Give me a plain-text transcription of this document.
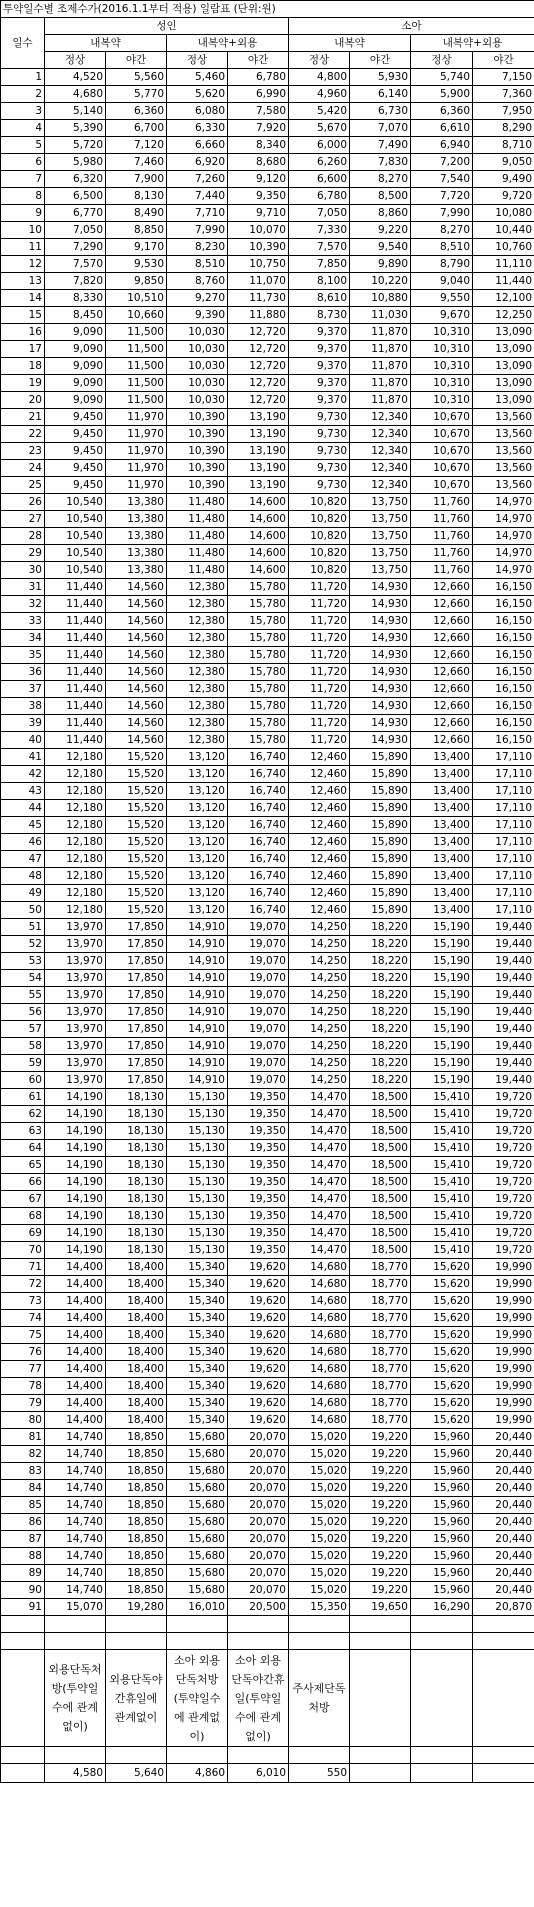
투약일수별 조제수가(2016.1.1부터 적용) 일람표 (단위:원)								
일수	성인				소아			
	내복약		내복약+외용		내복약		내복약+외용	
	정상	야간	정상	야간	정상	야간	정상	야간
1	4,520	5,560	5,460	6,780	4,800	5,930	5,740	7,150
2	4,680	5,770	5,620	6,990	4,960	6,140	5,900	7,360
3	5,140	6,360	6,080	7,580	5,420	6,730	6,360	7,950
4	5,390	6,700	6,330	7,920	5,670	7,070	6,610	8,290
5	5,720	7,120	6,660	8,340	6,000	7,490	6,940	8,710
6	5,980	7,460	6,920	8,680	6,260	7,830	7,200	9,050
7	6,320	7,900	7,260	9,120	6,600	8,270	7,540	9,490
8	6,500	8,130	7,440	9,350	6,780	8,500	7,720	9,720
9	6,770	8,490	7,710	9,710	7,050	8,860	7,990	10,080
10	7,050	8,850	7,990	10,070	7,330	9,220	8,270	10,440
11	7,290	9,170	8,230	10,390	7,570	9,540	8,510	10,760
12	7,570	9,530	8,510	10,750	7,850	9,890	8,790	11,110
13	7,820	9,850	8,760	11,070	8,100	10,220	9,040	11,440
14	8,330	10,510	9,270	11,730	8,610	10,880	9,550	12,100
15	8,450	10,660	9,390	11,880	8,730	11,030	9,670	12,250
16	9,090	11,500	10,030	12,720	9,370	11,870	10,310	13,090
17	9,090	11,500	10,030	12,720	9,370	11,870	10,310	13,090
18	9,090	11,500	10,030	12,720	9,370	11,870	10,310	13,090
19	9,090	11,500	10,030	12,720	9,370	11,870	10,310	13,090
20	9,090	11,500	10,030	12,720	9,370	11,870	10,310	13,090
21	9,450	11,970	10,390	13,190	9,730	12,340	10,670	13,560
22	9,450	11,970	10,390	13,190	9,730	12,340	10,670	13,560
23	9,450	11,970	10,390	13,190	9,730	12,340	10,670	13,560
24	9,450	11,970	10,390	13,190	9,730	12,340	10,670	13,560
25	9,450	11,970	10,390	13,190	9,730	12,340	10,670	13,560
26	10,540	13,380	11,480	14,600	10,820	13,750	11,760	14,970
27	10,540	13,380	11,480	14,600	10,820	13,750	11,760	14,970
28	10,540	13,380	11,480	14,600	10,820	13,750	11,760	14,970
29	10,540	13,380	11,480	14,600	10,820	13,750	11,760	14,970
30	10,540	13,380	11,480	14,600	10,820	13,750	11,760	14,970
31	11,440	14,560	12,380	15,780	11,720	14,930	12,660	16,150
32	11,440	14,560	12,380	15,780	11,720	14,930	12,660	16,150
33	11,440	14,560	12,380	15,780	11,720	14,930	12,660	16,150
34	11,440	14,560	12,380	15,780	11,720	14,930	12,660	16,150
35	11,440	14,560	12,380	15,780	11,720	14,930	12,660	16,150
36	11,440	14,560	12,380	15,780	11,720	14,930	12,660	16,150
37	11,440	14,560	12,380	15,780	11,720	14,930	12,660	16,150
38	11,440	14,560	12,380	15,780	11,720	14,930	12,660	16,150
39	11,440	14,560	12,380	15,780	11,720	14,930	12,660	16,150
40	11,440	14,560	12,380	15,780	11,720	14,930	12,660	16,150
41	12,180	15,520	13,120	16,740	12,460	15,890	13,400	17,110
42	12,180	15,520	13,120	16,740	12,460	15,890	13,400	17,110
43	12,180	15,520	13,120	16,740	12,460	15,890	13,400	17,110
44	12,180	15,520	13,120	16,740	12,460	15,890	13,400	17,110
45	12,180	15,520	13,120	16,740	12,460	15,890	13,400	17,110
46	12,180	15,520	13,120	16,740	12,460	15,890	13,400	17,110
47	12,180	15,520	13,120	16,740	12,460	15,890	13,400	17,110
48	12,180	15,520	13,120	16,740	12,460	15,890	13,400	17,110
49	12,180	15,520	13,120	16,740	12,460	15,890	13,400	17,110
50	12,180	15,520	13,120	16,740	12,460	15,890	13,400	17,110
51	13,970	17,850	14,910	19,070	14,250	18,220	15,190	19,440
52	13,970	17,850	14,910	19,070	14,250	18,220	15,190	19,440
53	13,970	17,850	14,910	19,070	14,250	18,220	15,190	19,440
54	13,970	17,850	14,910	19,070	14,250	18,220	15,190	19,440
55	13,970	17,850	14,910	19,070	14,250	18,220	15,190	19,440
56	13,970	17,850	14,910	19,070	14,250	18,220	15,190	19,440
57	13,970	17,850	14,910	19,070	14,250	18,220	15,190	19,440
58	13,970	17,850	14,910	19,070	14,250	18,220	15,190	19,440
59	13,970	17,850	14,910	19,070	14,250	18,220	15,190	19,440
60	13,970	17,850	14,910	19,070	14,250	18,220	15,190	19,440
61	14,190	18,130	15,130	19,350	14,470	18,500	15,410	19,720
62	14,190	18,130	15,130	19,350	14,470	18,500	15,410	19,720
63	14,190	18,130	15,130	19,350	14,470	18,500	15,410	19,720
64	14,190	18,130	15,130	19,350	14,470	18,500	15,410	19,720
65	14,190	18,130	15,130	19,350	14,470	18,500	15,410	19,720
66	14,190	18,130	15,130	19,350	14,470	18,500	15,410	19,720
67	14,190	18,130	15,130	19,350	14,470	18,500	15,410	19,720
68	14,190	18,130	15,130	19,350	14,470	18,500	15,410	19,720
69	14,190	18,130	15,130	19,350	14,470	18,500	15,410	19,720
70	14,190	18,130	15,130	19,350	14,470	18,500	15,410	19,720
71	14,400	18,400	15,340	19,620	14,680	18,770	15,620	19,990
72	14,400	18,400	15,340	19,620	14,680	18,770	15,620	19,990
73	14,400	18,400	15,340	19,620	14,680	18,770	15,620	19,990
74	14,400	18,400	15,340	19,620	14,680	18,770	15,620	19,990
75	14,400	18,400	15,340	19,620	14,680	18,770	15,620	19,990
76	14,400	18,400	15,340	19,620	14,680	18,770	15,620	19,990
77	14,400	18,400	15,340	19,620	14,680	18,770	15,620	19,990
78	14,400	18,400	15,340	19,620	14,680	18,770	15,620	19,990
79	14,400	18,400	15,340	19,620	14,680	18,770	15,620	19,990
80	14,400	18,400	15,340	19,620	14,680	18,770	15,620	19,990
81	14,740	18,850	15,680	20,070	15,020	19,220	15,960	20,440
82	14,740	18,850	15,680	20,070	15,020	19,220	15,960	20,440
83	14,740	18,850	15,680	20,070	15,020	19,220	15,960	20,440
84	14,740	18,850	15,680	20,070	15,020	19,220	15,960	20,440
85	14,740	18,850	15,680	20,070	15,020	19,220	15,960	20,440
86	14,740	18,850	15,680	20,070	15,020	19,220	15,960	20,440
87	14,740	18,850	15,680	20,070	15,020	19,220	15,960	20,440
88	14,740	18,850	15,680	20,070	15,020	19,220	15,960	20,440
89	14,740	18,850	15,680	20,070	15,020	19,220	15,960	20,440
90	14,740	18,850	15,680	20,070	15,020	19,220	15,960	20,440
91	15,070	19,280	16,010	20,500	15,350	19,650	16,290	20,870

	외용단독처방(투약일수에 관계없이)	외용단독야간휴일에 관계없이	소아 외용 단독처방(투약일수에 관계없이)	소아 외용 단독야간휴일(투약일수에 관계없이)	주사제단독처방			

	4,580	5,640	4,860	6,010	550			
